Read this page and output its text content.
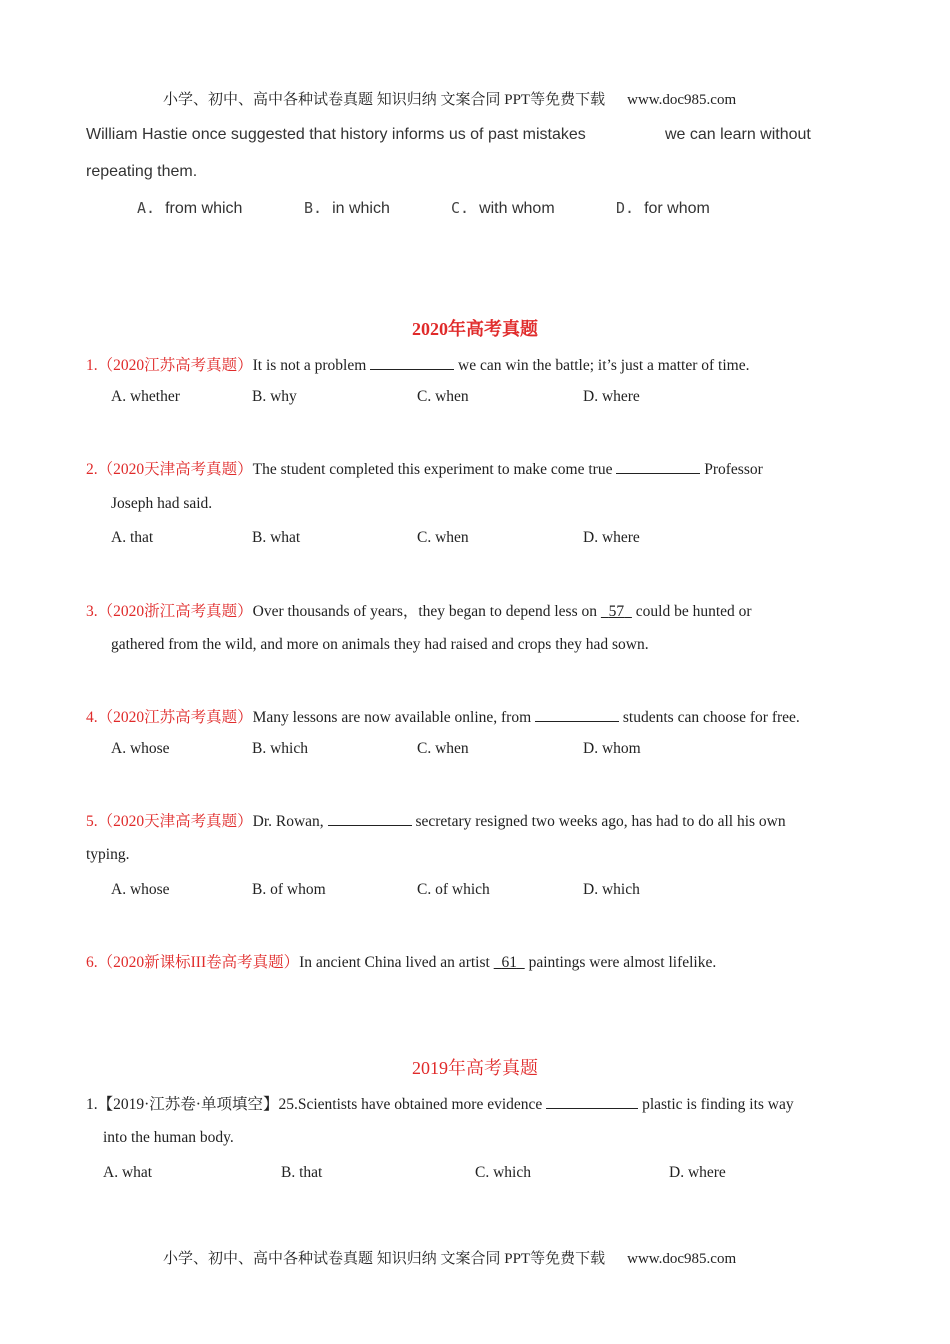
小学、初中、高中各种试卷真题 知识归纳 文案合同 PPT等免费下载 www.doc985.com
William Hastie once suggested that history informs us of past mistakes	we can learn without
repeating them.
A. from which	B. in which	C. with whom	D. for whom
2020年高考真题
1.（2020江苏高考真题）It is not a problem	we can win the battle; it’s just a matter of time.
A. whether	B. why	C. when	D. where
2.（2020天津高考真题）The student completed this experiment to make come true	Professor
Joseph had said.
A. that	B. what	C. when	D. where
3.（2020浙江高考真题）Over thousands of years，they began to depend less on 57 could be hunted or
gathered from the wild, and more on animals they had raised and crops they had sown.
4.（2020江苏高考真题）Many lessons are now available online, from	students can choose for free.
A. whose	B. which	C. when	D. whom
5.（2020天津高考真题）Dr. Rowan,	secretary resigned two weeks ago, has had to do all his own
typing.
A. whose	B. of whom	C. of which	D. which
6.（2020新课标III卷高考真题）In ancient China lived an artist 61 paintings were almost lifelike.
2019年高考真题
1.【2019·江苏卷·单项填空】25.Scientists have obtained more evidence	plastic is finding its way
into the human body.
A. what	B. that	C. which	D. where
小学、初中、高中各种试卷真题 知识归纳 文案合同 PPT等免费下载 www.doc985.com
